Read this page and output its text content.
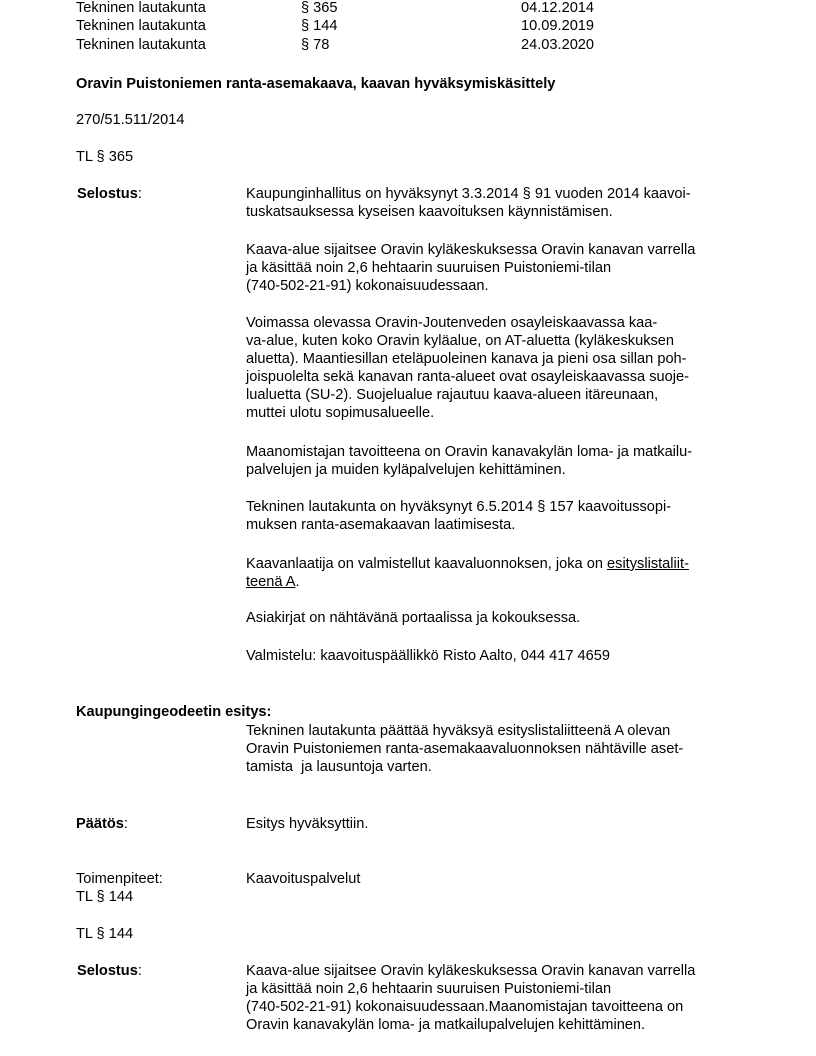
Tekninen lautakunta	§ 365	04.12.2014
Tekninen lautakunta	§ 144	10.09.2019
Tekninen lautakunta	§ 78	24.03.2020
Oravin Puistoniemen ranta-asemakaava, kaavan hyväksymiskäsittely
270/51.511/2014
TL § 365
Selostus:	Kaupunginhallitus on hyväksynyt 3.3.2014 § 91 vuoden 2014 kaavoi-
tuskatsauksessa kyseisen kaavoituksen käynnistämisen.
Kaava-alue sijaitsee Oravin kyläkeskuksessa Oravin kanavan varrella
ja käsittää noin 2,6 hehtaarin suuruisen Puistoniemi-tilan
(740-502-21-91) kokonaisuudessaan.
Voimassa olevassa Oravin-Joutenveden osayleiskaavassa kaa-
va-alue, kuten koko Oravin kyläalue, on AT-aluetta (kyläkeskuksen
aluetta). Maantiesillan eteläpuoleinen kanava ja pieni osa sillan poh-
joispuolelta sekä kanavan ranta-alueet ovat osayleiskaavassa suoje-
lualuetta (SU-2). Suojelualue rajautuu kaava-alueen itäreunaan,
muttei ulotu sopimusalueelle.
Maanomistajan tavoitteena on Oravin kanavakylän loma- ja matkailu-
palvelujen ja muiden kyläpalvelujen kehittäminen.
Tekninen lautakunta on hyväksynyt 6.5.2014 § 157 kaavoitussopi-
muksen ranta-asemakaavan laatimisesta.
Kaavanlaatija on valmistellut kaavaluonnoksen, joka on esityslistaliit-
teenä A.
Asiakirjat on nähtävänä portaalissa ja kokouksessa.
Valmistelu: kaavoituspäällikkö Risto Aalto, 044 417 4659
Kaupungingeodeetin esitys:
Tekninen lautakunta päättää hyväksyä esityslistaliitteenä A olevan
Oravin Puistoniemen ranta-asemakaavaluonnoksen nähtäville aset-
tamista  ja lausuntoja varten.
Päätös:	Esitys hyväksyttiin.
Toimenpiteet:	Kaavoituspalvelut
TL § 144
TL § 144
Selostus:	Kaava-alue sijaitsee Oravin kyläkeskuksessa Oravin kanavan varrella
ja käsittää noin 2,6 hehtaarin suuruisen Puistoniemi-tilan
(740-502-21-91) kokonaisuudessaan.Maanomistajan tavoitteena on
Oravin kanavakylän loma- ja matkailupalvelujen kehittäminen.
